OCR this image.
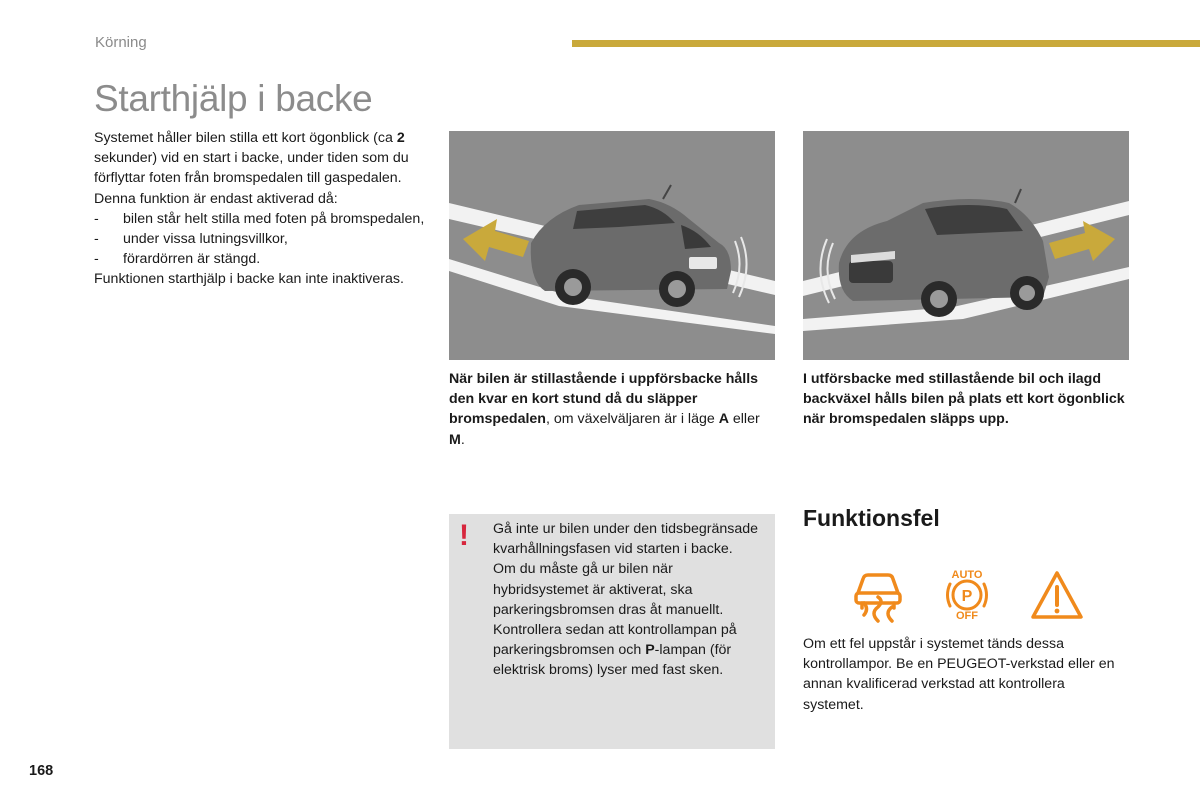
Körning
Starthjälp i backe

Systemet håller bilen stilla ett kort ögonblick (ca 2 sekunder) vid en start i backe, under tiden som du förflyttar foten från bromspedalen till gaspedalen.

Denna funktion är endast aktiverad då:

- bilen står helt stilla med foten på bromspedalen,
- under vissa lutningsvillkor,
- förardörren är stängd.

Funktionen starthjälp i backe kan inte inaktiveras.

När bilen är stillastående i uppförsbacke hålls den kvar en kort stund då du släpper bromspedalen, om växelväljaren är i läge A eller M.
I utförsbacke med stillastående bil och ilagd backväxel hålls bilen på plats ett kort ögonblick när bromspedalen släpps upp.
! Gå inte ur bilen under den tidsbegränsade kvarhållningsfasen vid starten i backe.

Om du måste gå ur bilen när hybridsystemet är aktiverat, ska parkeringsbromsen dras åt manuellt.

Kontrollera sedan att kontrollampan på parkeringsbromsen och P-lampan (för elektrisk broms) lyser med fast sken.

Funktionsfel
AUTO
P
OFF
Om ett fel uppstår i systemet tänds dessa kontrollampor. Be en PEUGEOT-verkstad eller en annan kvalificerad verkstad att kontrollera systemet.
168
